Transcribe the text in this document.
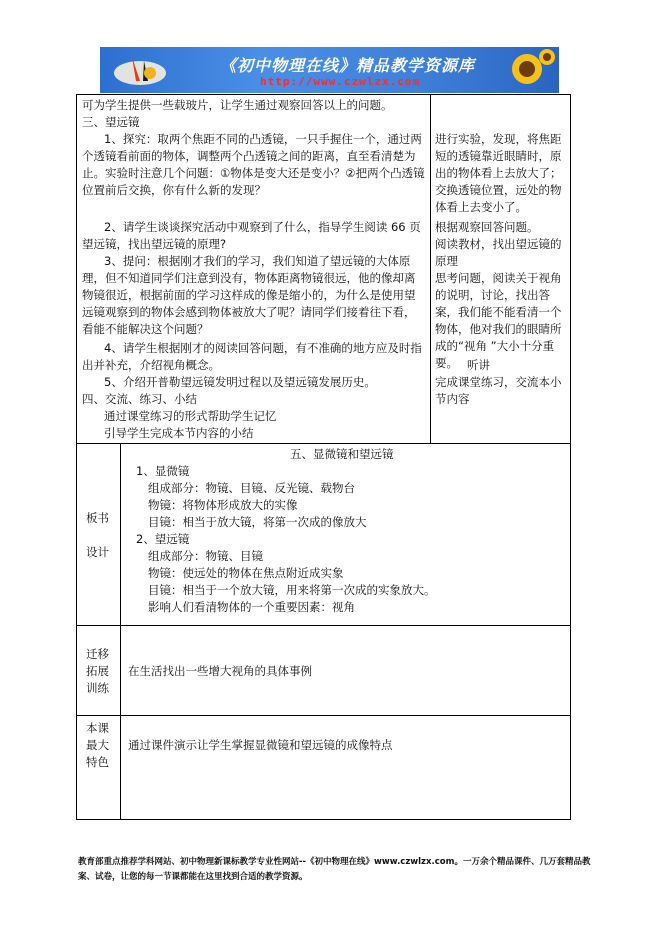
《初中物理在线》精品教学资源库
http://www.czwlzx.com
可为学生提供一些载玻片，让学生通过观察回答以上的问题。
三、望远镜
1、探究：取两个焦距不同的凸透镜，一只手握住一个，通过两个透镜看前面的物体，调整两个凸透镜之间的距离，直至看清楚为止。实验时注意几个问题：①物体是变大还是变小？②把两个凸透镜位置前后交换，你有什么新的发现？
2、请学生谈谈探究活动中观察到了什么，指导学生阅读 66 页望远镜，找出望远镜的原理?
3、提问：根据刚才我们的学习，我们知道了望远镜的大体原理，但不知道同学们注意到没有，物体距离物镜很远，他的像却离物镜很近，根据前面的学习这样成的像是缩小的，为什么是使用望远镜观察到的物体会感到物体被放大了呢？请同学们接着往下看，看能不能解决这个问题？
4、请学生根据刚才的阅读回答问题，有不准确的地方应及时指出并补充，介绍视角概念。
5、介绍开普勒望远镜发明过程以及望远镜发展历史。
四、交流、练习、小结
通过课堂练习的形式帮助学生记忆
引导学生完成本节内容的小结
进行实验，发现，将焦距短的透镜靠近眼睛时，原出的物体看上去放大了；交换透镜位置，远处的物体看上去变小了。
根据观察回答问题。
阅读教材，找出望远镜的原理
思考问题，阅读关于视角的说明，讨论，找出答案，我们能不能看清一个物体，他对我们的眼睛所成的“视角 ”大小十分重要。 听讲
完成课堂练习，交流本小节内容
板书
设计
五、显微镜和望远镜
1、显微镜
组成部分：物镜、目镜、反光镜、载物台
物镜：将物体形成放大的实像
目镜：相当于放大镜，将第一次成的像放大
2、望远镜
组成部分：物镜、目镜
物镜：使远处的物体在焦点附近成实象
目镜：相当于一个放大镜，用来将第一次成的实象放大。
影响人们看清物体的一个重要因素：视角
迁移
拓展
训练
在生活找出一些增大视角的具体事例
本课
最大
特色
通过课件演示让学生掌握显微镜和望远镜的成像特点
教育部重点推荐学科网站、初中物理新课标教学专业性网站--《初中物理在线》www.czwlzx.com。一万余个精品课件、几万套精品教案、试卷，让您的每一节课都能在这里找到合适的教学资源。
